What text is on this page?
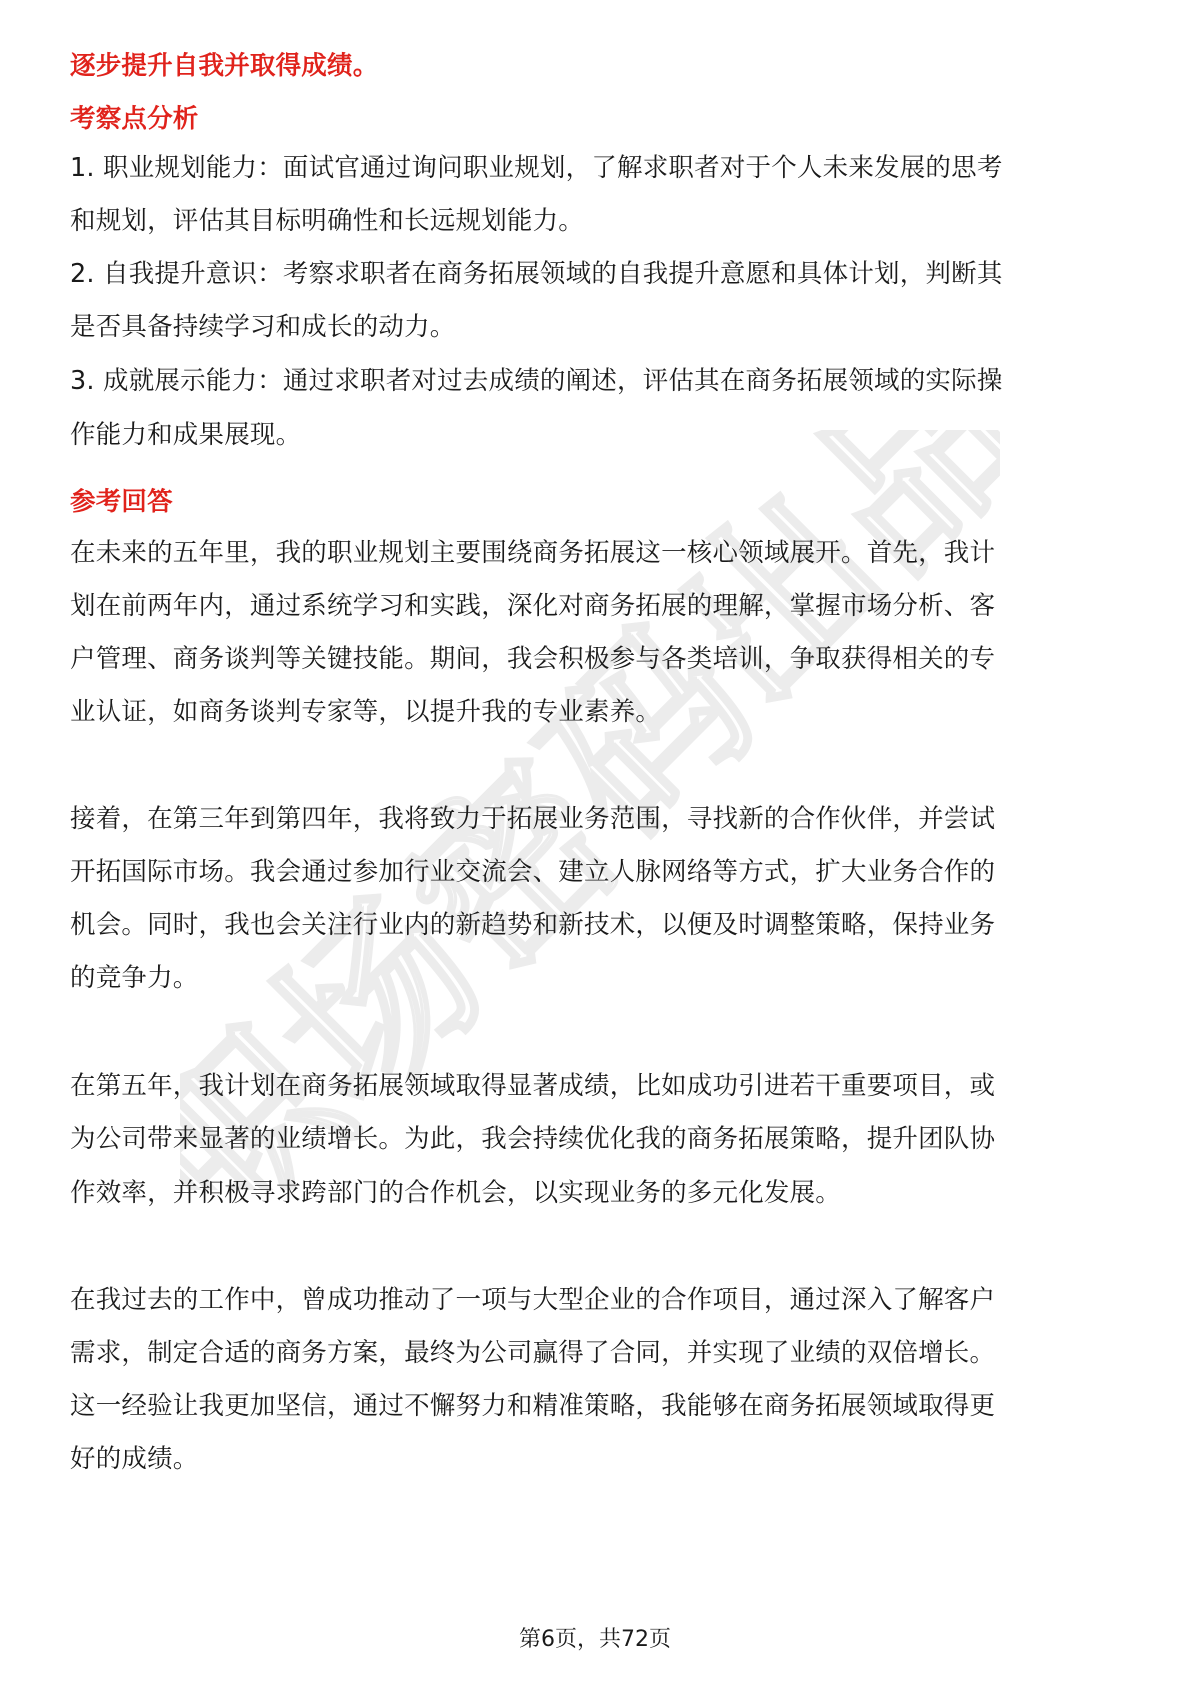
职场密码出品
逐步提升自我并取得成绩。
考察点分析
1. 职业规划能力：面试官通过询问职业规划，了解求职者对于个人未来发展的思考
和规划，评估其目标明确性和长远规划能力。
2. 自我提升意识：考察求职者在商务拓展领域的自我提升意愿和具体计划，判断其
是否具备持续学习和成长的动力。
3. 成就展示能力：通过求职者对过去成绩的阐述，评估其在商务拓展领域的实际操
作能力和成果展现。
参考回答
在未来的五年里，我的职业规划主要围绕商务拓展这一核心领域展开。首先，我计
划在前两年内，通过系统学习和实践，深化对商务拓展的理解，掌握市场分析、客
户管理、商务谈判等关键技能。期间，我会积极参与各类培训，争取获得相关的专
业认证，如商务谈判专家等，以提升我的专业素养。
接着，在第三年到第四年，我将致力于拓展业务范围，寻找新的合作伙伴，并尝试
开拓国际市场。我会通过参加行业交流会、建立人脉网络等方式，扩大业务合作的
机会。同时，我也会关注行业内的新趋势和新技术，以便及时调整策略，保持业务
的竞争力。
在第五年，我计划在商务拓展领域取得显著成绩，比如成功引进若干重要项目，或
为公司带来显著的业绩增长。为此，我会持续优化我的商务拓展策略，提升团队协
作效率，并积极寻求跨部门的合作机会，以实现业务的多元化发展。
在我过去的工作中，曾成功推动了一项与大型企业的合作项目，通过深入了解客户
需求，制定合适的商务方案，最终为公司赢得了合同，并实现了业绩的双倍增长。
这一经验让我更加坚信，通过不懈努力和精准策略，我能够在商务拓展领域取得更
好的成绩。
第6页，共72页
